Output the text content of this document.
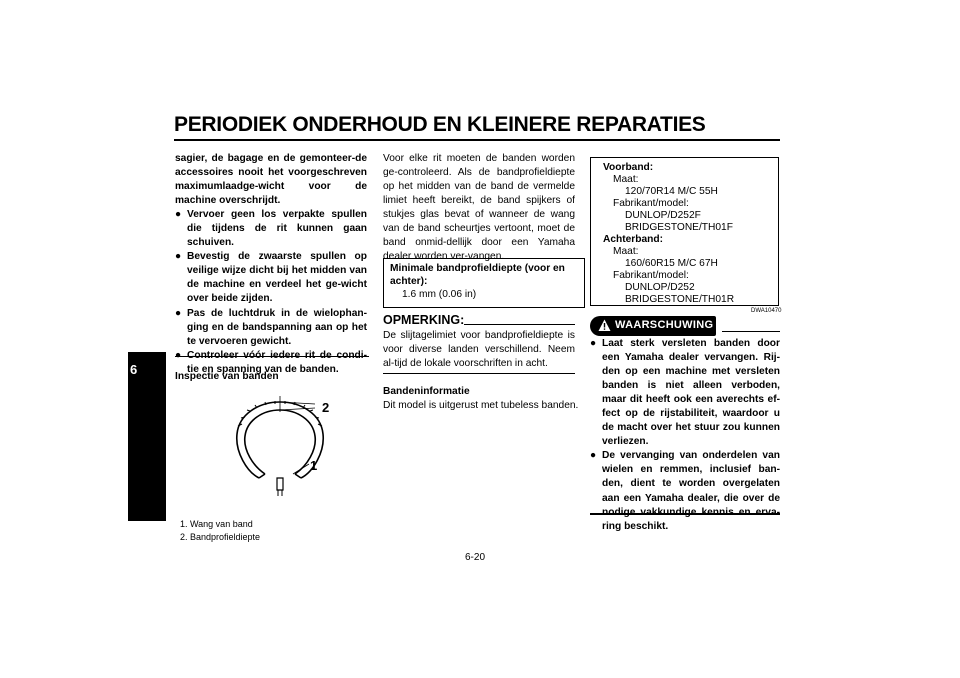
PERIODIEK ONDERHOUD EN KLEINERE REPARATIES
6
sagier, de bagage en de gemonteer-de accessoires nooit het voorgeschreven maximumlaadge-wicht voor de machine overschrijdt.
● Vervoer geen los verpakte spullen die tijdens de rit kunnen gaan schuiven.
● Bevestig de zwaarste spullen op veilige wijze dicht bij het midden van de machine en verdeel het ge-wicht over beide zijden.
● Pas de luchtdruk in de wielophan-ging en de bandspanning aan op het te vervoeren gewicht.
tie en spanning van de banden.
Inspectie van banden
2
1
1. Wang van band
2. Bandprofieldiepte
Voor elke rit moeten de banden worden ge-controleerd. Als de bandprofieldiepte op het midden van de band de vermelde limiet heeft bereikt, de band spijkers of stukjes glas bevat of wanneer de wang van de band scheurtjes vertoont, moet de band onmid-dellijk door een Yamaha dealer worden ver-vangen.
Minimale bandprofieldiepte (voor en achter):
1.6 mm (0.06 in)
OPMERKING:
De slijtagelimiet voor bandprofieldiepte is voor diverse landen verschillend. Neem al-tijd de lokale voorschriften in acht.
Bandeninformatie
Dit model is uitgerust met tubeless banden.
Voorband:
Maat:
120/70R14 M/C 55H
Fabrikant/model:
DUNLOP/D252F
BRIDGESTONE/TH01F
Achterband:
Maat:
160/60R15 M/C 67H
Fabrikant/model:
DUNLOP/D252
BRIDGESTONE/TH01R
DWA10470
WAARSCHUWING
● Laat sterk versleten banden door een Yamaha dealer vervangen. Rij-den op een machine met versleten banden is niet alleen verboden, maar dit heeft ook een averechts ef-fect op de rijstabiliteit, waardoor u de macht over het stuur zou kunnen verliezen.
● De vervanging van onderdelen van wielen en remmen, inclusief ban-den, dient te worden overgelaten aan een Yamaha dealer, die over de ring beschikt.
6-20
